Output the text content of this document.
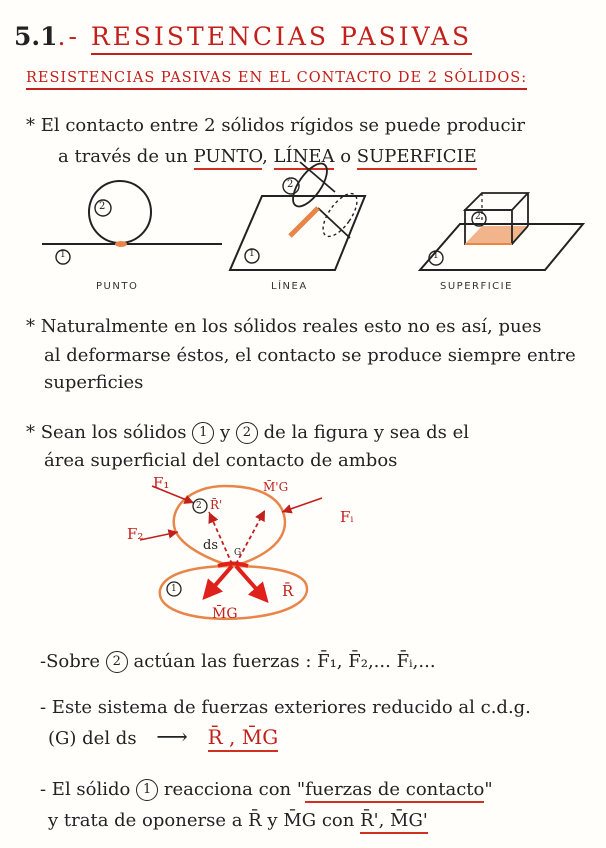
5.1.- RESISTENCIAS PASIVAS
RESISTENCIAS PASIVAS EN EL CONTACTO DE 2 SÓLIDOS:
* El contacto entre 2 sólidos rígidos se puede producir
a través de un PUNTO, LÍNEA o SUPERFICIE
2
1
2
1
2
1
PUNTO	LÍNEA	SUPERFICIE
* Naturalmente en los sólidos reales esto no es así, pues
al deformarse éstos, el contacto se produce siempre entre
superficies
* Sean los sólidos 1 y 2 de la figura y sea ds el
área superficial del contacto de ambos
F₁
F₂
Fᵢ
M̄'G
R̄'
2
1
ds G
M̄G
R̄
-Sobre 2 actúan las fuerzas : F̄₁, F̄₂,... F̄ᵢ,...
- Este sistema de fuerzas exteriores reducido al c.d.g.
(G) del ds ⟶ R̄ , M̄G
- El sólido 1 reacciona con "fuerzas de contacto"
y trata de oponerse a R̄ y M̄G con R̄', M̄G'
